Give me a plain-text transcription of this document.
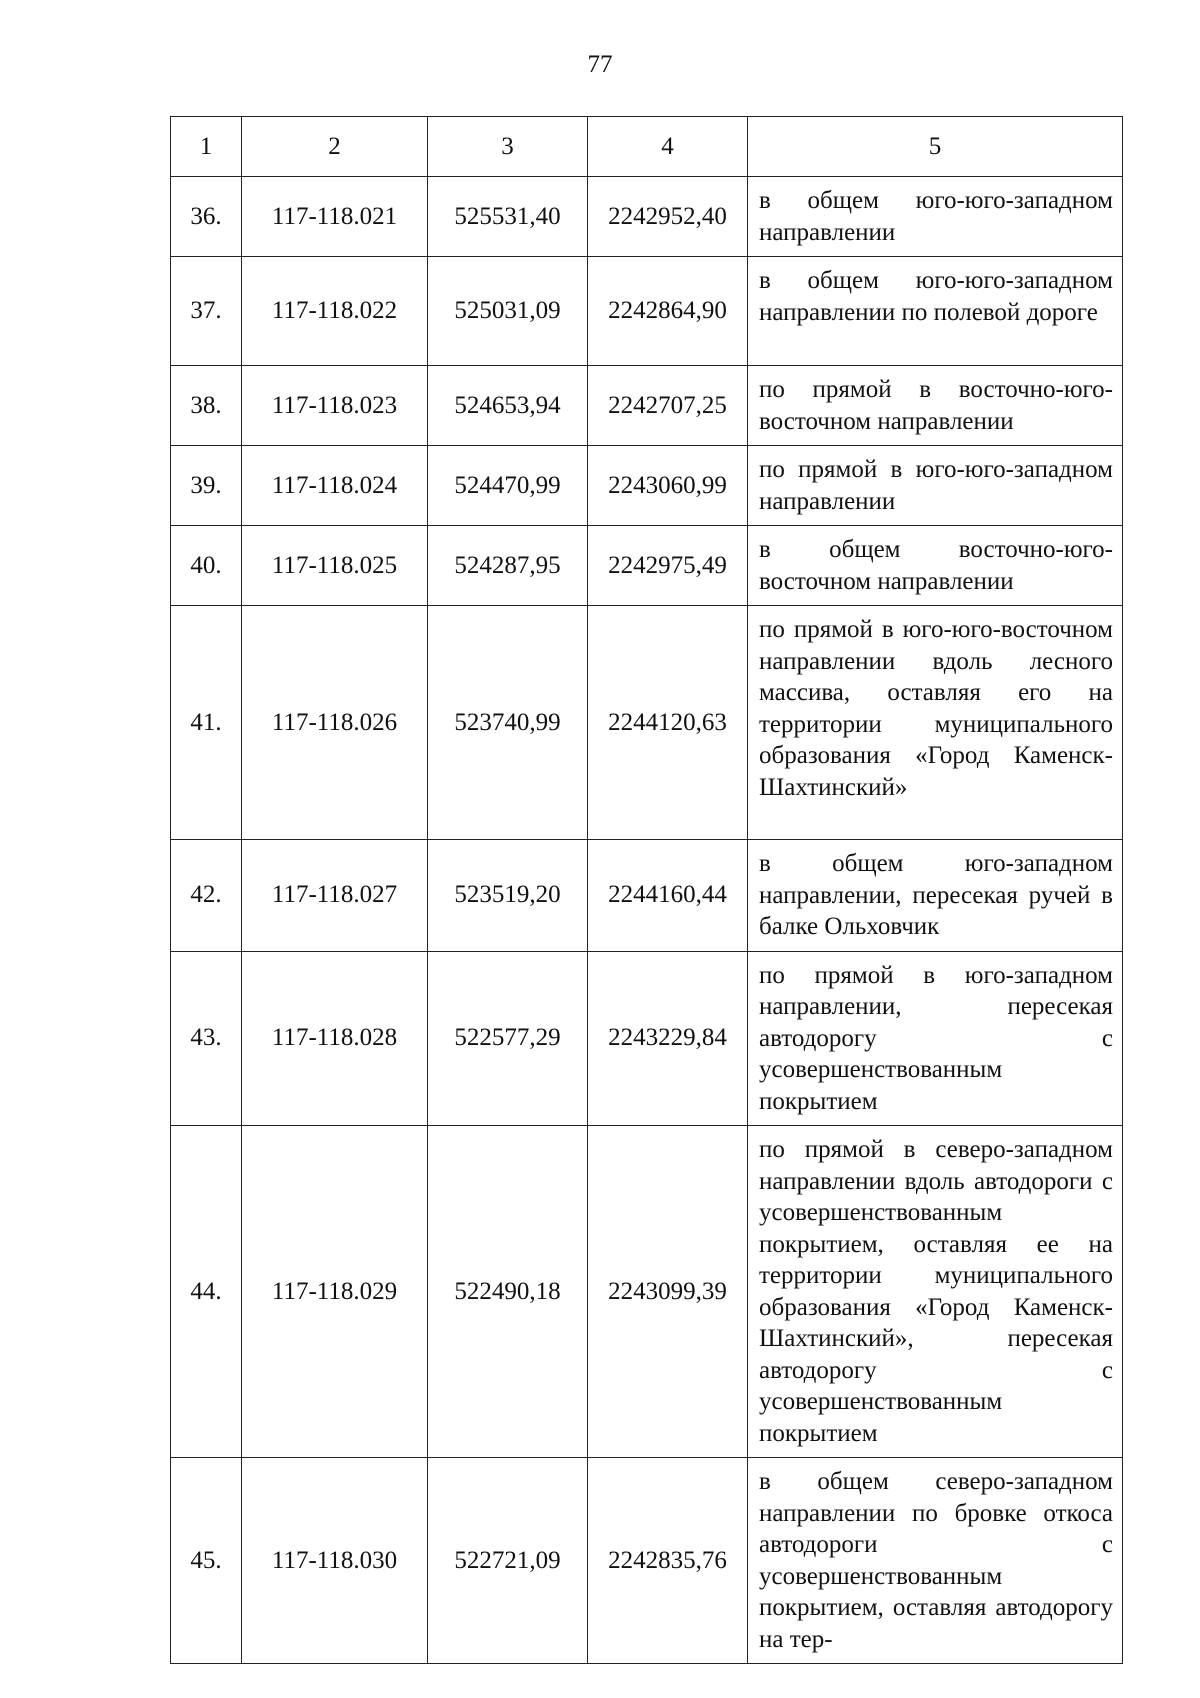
77
1	2	3	4	5
36.	117-118.021	525531,40	2242952,40	в общем юго-юго-западном направлении
37.	117-118.022	525031,09	2242864,90	в общем юго-юго-западном направлении по полевой дороге
38.	117-118.023	524653,94	2242707,25	по прямой в восточно-юго-восточном направлении
39.	117-118.024	524470,99	2243060,99	по прямой в юго-юго-западном направлении
40.	117-118.025	524287,95	2242975,49	в общем восточно-юго-восточном направлении
41.	117-118.026	523740,99	2244120,63	по прямой в юго-юго-восточном направлении вдоль лесного массива, оставляя его на территории муниципального образования «Город Каменск-Шахтинский»
42.	117-118.027	523519,20	2244160,44	в общем юго-западном направлении, пересекая ручей в балке Ольховчик
43.	117-118.028	522577,29	2243229,84	по прямой в юго-западном направлении, пересекая автодорогу с усовершенствованным покрытием
44.	117-118.029	522490,18	2243099,39	по прямой в северо-западном направлении вдоль автодороги с усовершенствованным покрытием, оставляя ее на территории муниципального образования «Город Каменск-Шахтинский», пересекая автодорогу с усовершенствованным покрытием
45.	117-118.030	522721,09	2242835,76	в общем северо-западном направлении по бровке откоса автодороги с усовершенствованным покрытием, оставляя автодорогу на тер-
